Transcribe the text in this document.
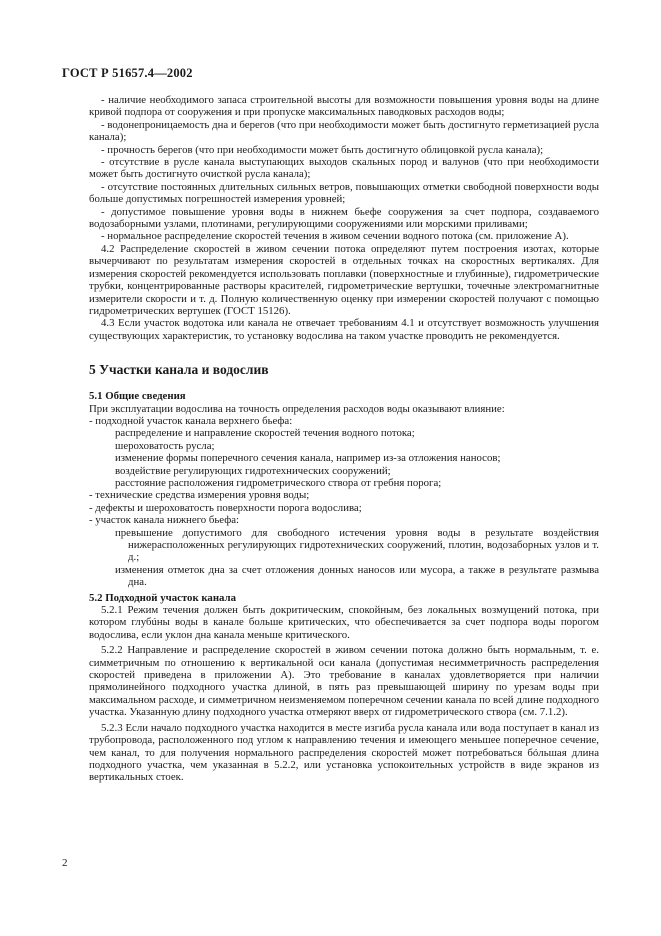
ГОСТ Р 51657.4—2002

- наличие необходимого запаса строительной высоты для возможности повышения уровня воды на длине кривой подпора от сооружения и при пропуске максимальных паводковых расходов воды;

- водонепроницаемость дна и берегов (что при необходимости может быть достигнуто герметизацией русла канала);

- прочность берегов (что при необходимости может быть достигнуто облицовкой русла канала);

- отсутствие в русле канала выступающих выходов скальных пород и валунов (что при необходимости может быть достигнуто очисткой русла канала);

- отсутствие постоянных длительных сильных ветров, повышающих отметки свободной поверхности воды больше допустимых погрешностей измерения уровней;

- допустимое повышение уровня воды в нижнем бьефе сооружения за счет подпора, создаваемого водозаборными узлами, плотинами, регулирующими сооружениями или морскими приливами;

- нормальное распределение скоростей течения в живом сечении водного потока (см. приложение А).

4.2 Распределение скоростей в живом сечении потока определяют путем построения изотах, которые вычерчивают по результатам измерения скоростей в отдельных точках на скоростных вертикалях. Для измерения скоростей рекомендуется использовать поплавки (поверхностные и глубинные), гидрометрические трубки, концентрированные растворы красителей, гидрометрические вертушки, точечные электромагнитные измерители скорости и т. д. Полную количественную оценку при измерении скоростей получают с помощью гидрометрических вертушек (ГОСТ 15126).

4.3 Если участок водотока или канала не отвечает требованиям 4.1 и отсутствует возможность улучшения существующих характеристик, то установку водослива на таком участке проводить не рекомендуется.

5 Участки канала и водослив

5.1 Общие сведения

При эксплуатации водослива на точность определения расходов воды оказывают влияние:

- подходной участок канала верхнего бьефа:

распределение и направление скоростей течения водного потока;

шероховатость русла;

изменение формы поперечного сечения канала, например из-за отложения наносов;

воздействие регулирующих гидротехнических сооружений;

расстояние расположения гидрометрического створа от гребня порога;

- технические средства измерения уровня воды;

- дефекты и шероховатость поверхности порога водослива;

- участок канала нижнего бьефа:

превышение допустимого для свободного истечения уровня воды в результате воздействия нижерасположенных регулирующих гидротехнических сооружений, плотин, водозаборных узлов и т. д.;

изменения отметок дна за счет отложения донных наносов или мусора, а также в результате размыва дна.

5.2 Подходной участок канала

5.2.1 Режим течения должен быть докритическим, спокойным, без локальных возмущений потока, при котором глубúны воды в канале больше критических, что обеспечивается за счет подпора воды порогом водослива, если уклон дна канала меньше критического.

5.2.2 Направление и распределение скоростей в живом сечении потока должно быть нормальным, т. е. симметричным по отношению к вертикальной оси канала (допустимая несимметричность распределения скоростей приведена в приложении А). Это требование в каналах удовлетворяется при наличии прямолинейного подходного участка длиной, в пять раз превышающей ширину по урезам воды при максимальном расходе, и симметричном неизменяемом поперечном сечении канала по всей длине подходного участка. Указанную длину подходного участка отмеряют вверх от гидрометрического створа (см. 7.1.2).

5.2.3 Если начало подходного участка находится в месте изгиба русла канала или вода поступает в канал из трубопровода, расположенного под углом к направлению течения и имеющего меньшее поперечное сечение, чем канал, то для получения нормального распределения скоростей может потребоваться бóльшая длина подходного участка, чем указанная в 5.2.2, или установка успокоительных устройств в виде экранов из вертикальных стоек.

2
